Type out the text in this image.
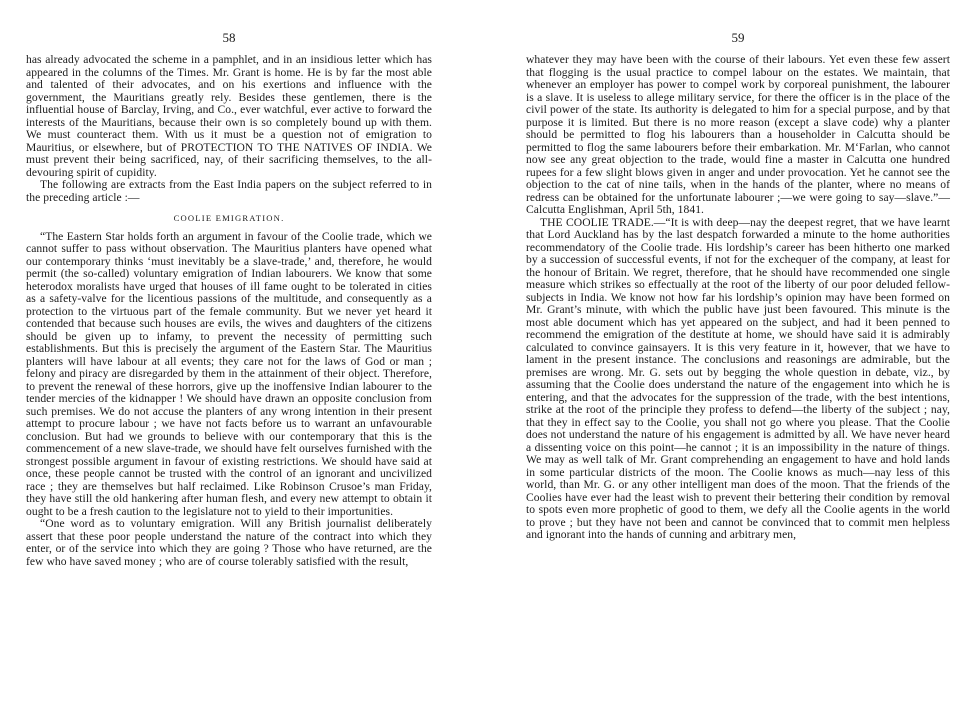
58

has already advocated the scheme in a pamphlet, and in an insidious letter which has appeared in the columns of the Times. Mr. Grant is home. He is by far the most able and talented of their advocates, and on his exertions and influence with the government, the Mauritians greatly rely. Besides these gentlemen, there is the influential house of Barclay, Irving, and Co., ever watchful, ever active to forward the interests of the Mauritians, because their own is so completely bound up with them. We must counteract them. With us it must be a question not of emigration to Mauritius, or elsewhere, but of PROTECTION TO THE NATIVES OF INDIA. We must prevent their being sacrificed, nay, of their sacrificing themselves, to the all-devouring spirit of cupidity.

The following are extracts from the East India papers on the subject referred to in the preceding article :—

COOLIE EMIGRATION.

“The Eastern Star holds forth an argument in favour of the Coolie trade, which we cannot suffer to pass without observation. The Mauritius planters have opened what our contemporary thinks ‘must inevitably be a slave-trade,’ and, therefore, he would permit (the so-called) voluntary emigration of Indian labourers. We know that some heterodox moralists have urged that houses of ill fame ought to be tolerated in cities as a safety-valve for the licentious passions of the multitude, and consequently as a protection to the virtuous part of the female community. But we never yet heard it contended that because such houses are evils, the wives and daughters of the citizens should be given up to infamy, to prevent the necessity of permitting such establishments. But this is precisely the argument of the Eastern Star. The Mauritius planters will have labour at all events; they care not for the laws of God or man ; felony and piracy are disregarded by them in the attainment of their object. Therefore, to prevent the renewal of these horrors, give up the inoffensive Indian labourer to the tender mercies of the kidnapper ! We should have drawn an opposite conclusion from such premises. We do not accuse the planters of any wrong intention in their present attempt to procure labour ; we have not facts before us to warrant an unfavourable conclusion. But had we grounds to believe with our contemporary that this is the commencement of a new slave-trade, we should have felt ourselves furnished with the strongest possible argument in favour of existing restrictions. We should have said at once, these people cannot be trusted with the control of an ignorant and uncivilized race ; they are themselves but half reclaimed. Like Robinson Crusoe’s man Friday, they have still the old hankering after human flesh, and every new attempt to obtain it ought to be a fresh caution to the legislature not to yield to their importunities.

“One word as to voluntary emigration. Will any British journalist deliberately assert that these poor people understand the nature of the contract into which they enter, or of the service into which they are going ? Those who have returned, are the few who have saved money ; who are of course tolerably satisfied with the result,

59

whatever they may have been with the course of their labours. Yet even these few assert that flogging is the usual practice to compel labour on the estates. We maintain, that whenever an employer has power to compel work by corporeal punishment, the labourer is a slave. It is useless to allege military service, for there the officer is in the place of the civil power of the state. Its authority is delegated to him for a special purpose, and by that purpose it is limited. But there is no more reason (except a slave code) why a planter should be permitted to flog his labourers than a householder in Calcutta should be permitted to flog the same labourers before their embarkation. Mr. M‘Farlan, who cannot now see any great objection to the trade, would fine a master in Calcutta one hundred rupees for a few slight blows given in anger and under provocation. Yet he cannot see the objection to the cat of nine tails, when in the hands of the planter, where no means of redress can be obtained for the unfortunate labourer ;—we were going to say—slave.”—Calcutta Englishman, April 5th, 1841.

THE COOLIE TRADE.—“It is with deep—nay the deepest regret, that we have learnt that Lord Auckland has by the last despatch forwarded a minute to the home authorities recommendatory of the Coolie trade. His lordship’s career has been hitherto one marked by a succession of successful events, if not for the exchequer of the company, at least for the honour of Britain. We regret, therefore, that he should have recommended one single measure which strikes so effectually at the root of the liberty of our poor deluded fellow-subjects in India. We know not how far his lordship’s opinion may have been formed on Mr. Grant’s minute, with which the public have just been favoured. This minute is the most able document which has yet appeared on the subject, and had it been penned to recommend the emigration of the destitute at home, we should have said it is admirably calculated to convince gainsayers. It is this very feature in it, however, that we have to lament in the present instance. The conclusions and reasonings are admirable, but the premises are wrong. Mr. G. sets out by begging the whole question in debate, viz., by assuming that the Coolie does understand the nature of the engagement into which he is entering, and that the advocates for the suppression of the trade, with the best intentions, strike at the root of the principle they profess to defend—the liberty of the subject ; nay, that they in effect say to the Coolie, you shall not go where you please. That the Coolie does not understand the nature of his engagement is admitted by all. We have never heard a dissenting voice on this point—he cannot ; it is an impossibility in the nature of things. We may as well talk of Mr. Grant comprehending an engagement to have and hold lands in some particular districts of the moon. The Coolie knows as much—nay less of this world, than Mr. G. or any other intelligent man does of the moon. That the friends of the Coolies have ever had the least wish to prevent their bettering their condition by removal to spots even more prophetic of good to them, we defy all the Coolie agents in the world to prove ; but they have not been and cannot be convinced that to commit men helpless and ignorant into the hands of cunning and arbitrary men,
